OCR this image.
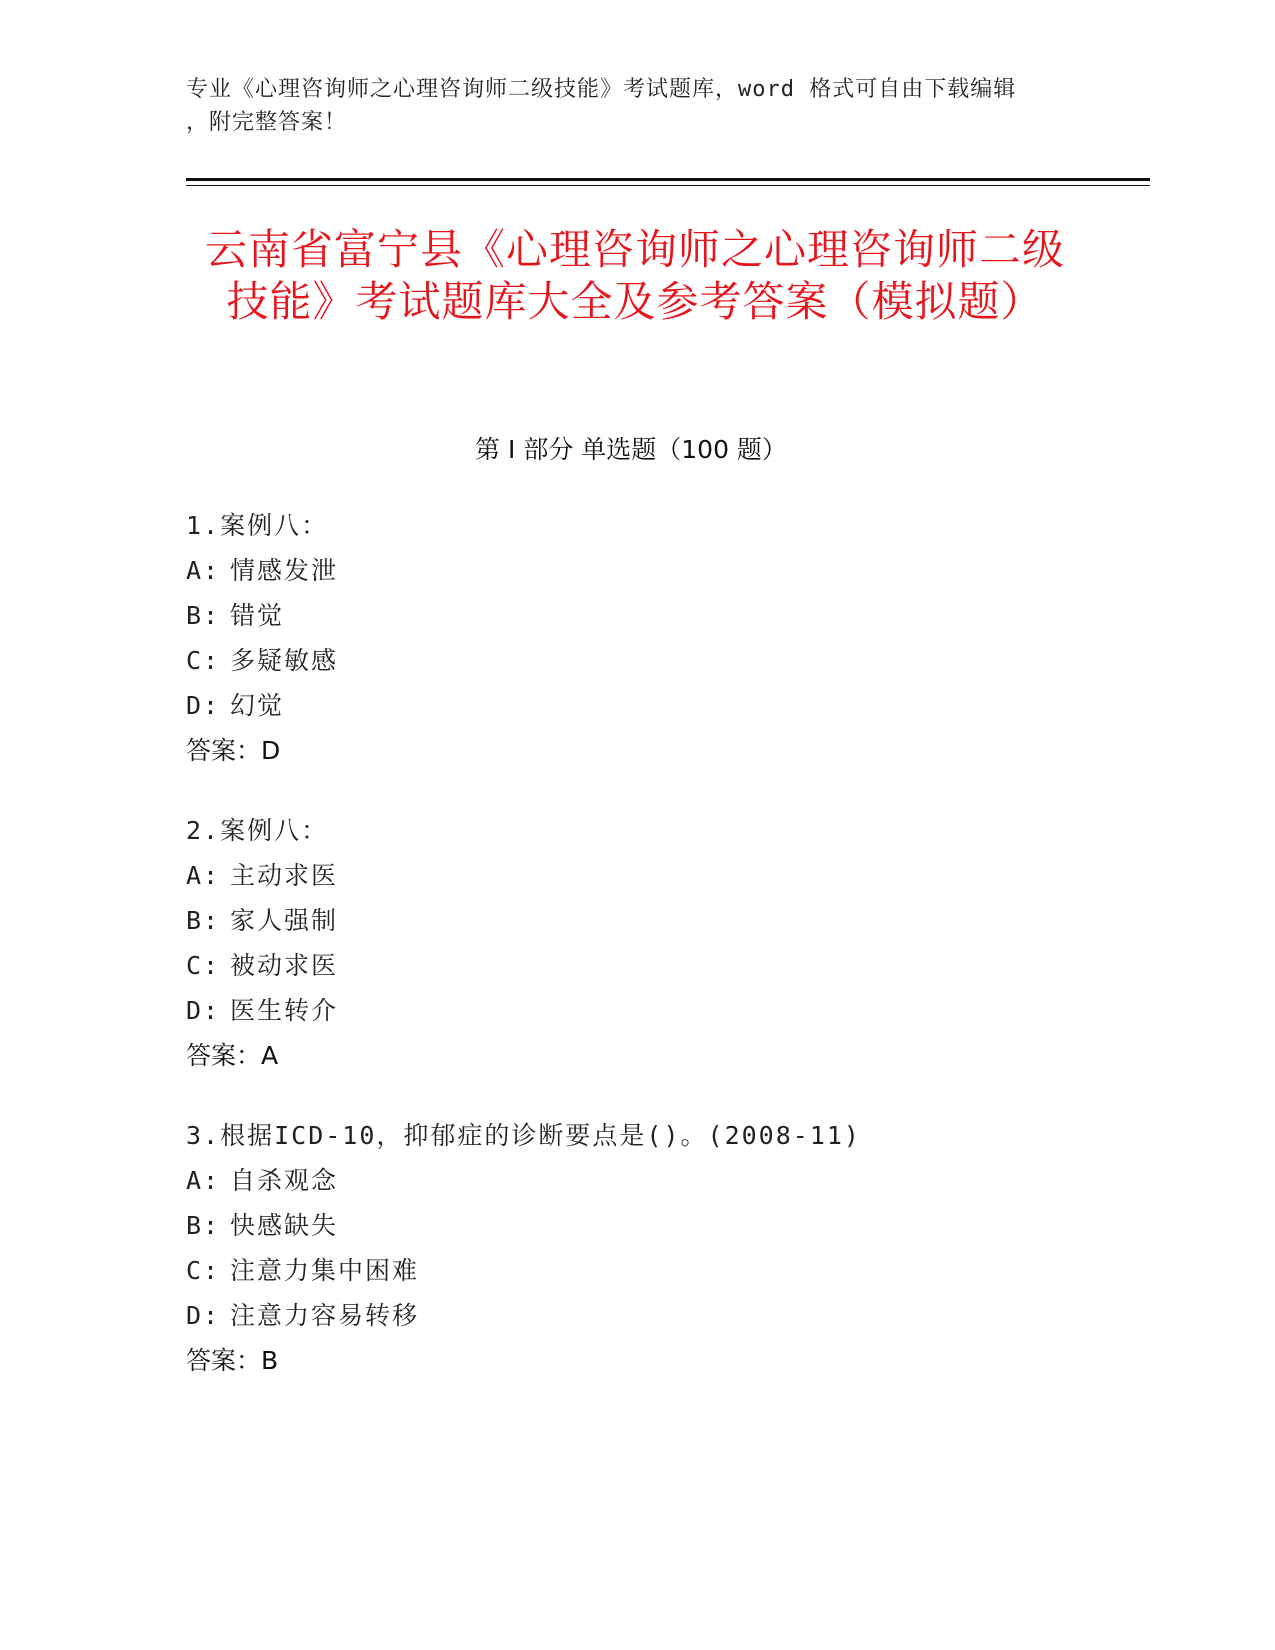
专业《心理咨询师之心理咨询师二级技能》考试题库，word 格式可自由下载编辑
，附完整答案！
云南省富宁县《心理咨询师之心理咨询师二级技能》考试题库大全及参考答案（模拟题）
第 I 部分 单选题（100 题）
1.案例八：
A: 情感发泄
B: 错觉
C: 多疑敏感
D: 幻觉
答案：D
2.案例八：
A: 主动求医
B: 家人强制
C: 被动求医
D: 医生转介
答案：A
3.根据ICD-10，抑郁症的诊断要点是()。(2008-11)
A: 自杀观念
B: 快感缺失
C: 注意力集中困难
D: 注意力容易转移
答案：B
